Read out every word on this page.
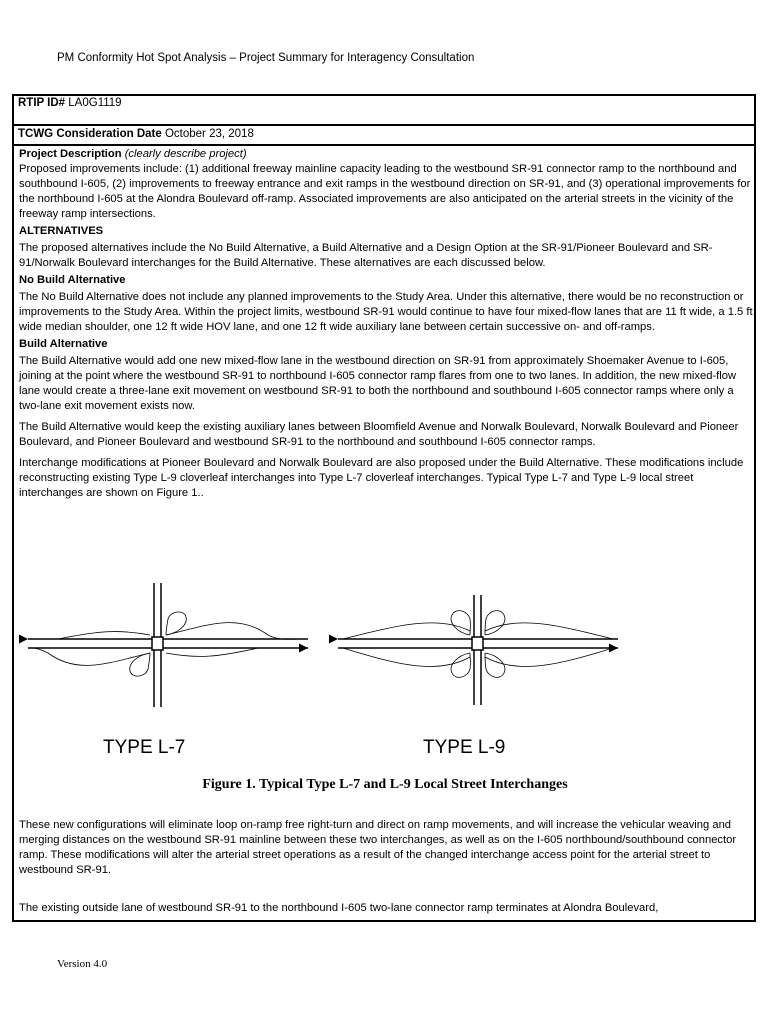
PM Conformity Hot Spot Analysis – Project Summary for Interagency Consultation
RTIP ID# LA0G1119
TCWG Consideration Date October 23, 2018
Project Description (clearly describe project)

Proposed improvements include: (1) additional freeway mainline capacity leading to the westbound SR-91 connector ramp to the northbound and southbound I-605, (2) improvements to freeway entrance and exit ramps in the westbound direction on SR-91, and (3) operational improvements for the northbound I-605 at the Alondra Boulevard off-ramp. Associated improvements are also anticipated on the arterial streets in the vicinity of the freeway ramp intersections.

ALTERNATIVES

The proposed alternatives include the No Build Alternative, a Build Alternative and a Design Option at the SR-91/Pioneer Boulevard and SR-91/Norwalk Boulevard interchanges for the Build Alternative. These alternatives are each discussed below.

No Build Alternative

The No Build Alternative does not include any planned improvements to the Study Area. Under this alternative, there would be no reconstruction or improvements to the Study Area. Within the project limits, westbound SR-91 would continue to have four mixed-flow lanes that are 11 ft wide, a 1.5 ft wide median shoulder, one 12 ft wide HOV lane, and one 12 ft wide auxiliary lane between certain successive on- and off-ramps.

Build Alternative

The Build Alternative would add one new mixed-flow lane in the westbound direction on SR-91 from approximately Shoemaker Avenue to I-605, joining at the point where the westbound SR-91 to northbound I-605 connector ramp flares from one to two lanes. In addition, the new mixed-flow lane would create a three-lane exit movement on westbound SR-91 to both the northbound and southbound I-605 connector ramps where only a two-lane exit movement exists now.

The Build Alternative would keep the existing auxiliary lanes between Bloomfield Avenue and Norwalk Boulevard, Norwalk Boulevard and Pioneer Boulevard, and Pioneer Boulevard and westbound SR-91 to the northbound and southbound I-605 connector ramps.

Interchange modifications at Pioneer Boulevard and Norwalk Boulevard are also proposed under the Build Alternative. These modifications include reconstructing existing Type L-9 cloverleaf interchanges into Type L-7 cloverleaf interchanges. Typical Type L-7 and Type L-9 local street interchanges are shown on Figure 1..

TYPE L-7	TYPE L-9
Figure 1. Typical Type L-7 and L-9 Local Street Interchanges

These new configurations will eliminate loop on-ramp free right-turn and direct on ramp movements, and will increase the vehicular weaving and merging distances on the westbound SR-91 mainline between these two interchanges, as well as on the I-605 northbound/southbound connector ramp. These modifications will alter the arterial street operations as a result of the changed interchange access point for the arterial street to westbound SR-91.

The existing outside lane of westbound SR-91 to the northbound I-605 two-lane connector ramp terminates at Alondra Boulevard,

Version 4.0
